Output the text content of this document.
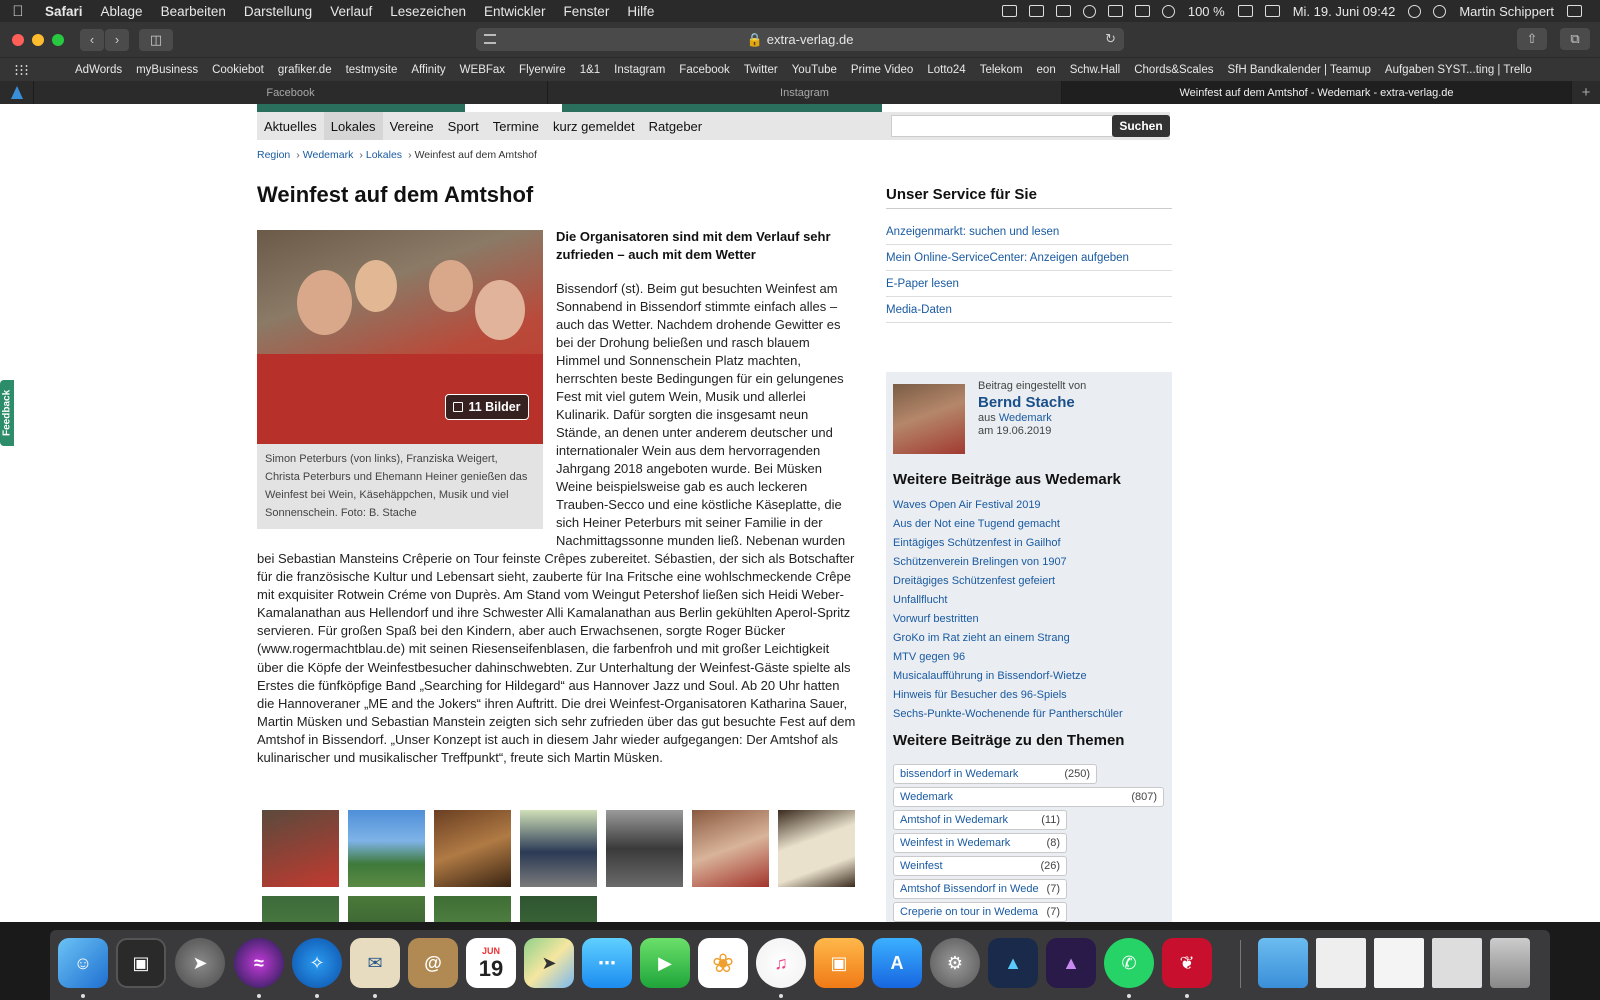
Safari	Ablage	Bearbeiten	Darstellung	Verlauf	Lesezeichen	Entwickler	Fenster	Hilfe	100 %	Mi. 19. Juni 09:42	Martin Schippert
‹	›	◫	🔒 extra-verlag.de	↻	⇧	⧉
AdWords	myBusiness	Cookiebot	grafiker.de	testmysite	Affinity	WEBFax	Flyerwire	1&1	Instagram	Facebook	Twitter	YouTube	Prime Video	Lotto24	Telekom	eon	Schw.Hall	Chords&Scales	SfH Bandkalender | Teamup	Aufgaben SYST...ting | Trello
Facebook	Instagram	Weinfest auf dem Amtshof - Wedemark - extra-verlag.de	+
Aktuelles	Lokales	Vereine	Sport	Termine	kurz gemeldet	Ratgeber	Suchen
Region › Wedemark › Lokales › Weinfest auf dem Amtshof
Weinfest auf dem Amtshof
11 Bilder
Simon Peterburs (von links), Franziska Weigert, Christa Peterburs und Ehemann Heiner genießen das Weinfest bei Wein, Käsehäppchen, Musik und viel Sonnenschein. Foto: B. Stache
Die Organisatoren sind mit dem Verlauf sehr zufrieden – auch mit dem Wetter
Bissendorf (st). Beim gut besuchten Weinfest am Sonnabend in Bissendorf stimmte einfach alles – auch das Wetter. Nachdem drohende Gewitter es bei der Drohung beließen und rasch blauem Himmel und Sonnenschein Platz machten, herrschten beste Bedingungen für ein gelungenes Fest mit viel gutem Wein, Musik und allerlei Kulinarik. Dafür sorgten die insgesamt neun Stände, an denen unter anderem deutscher und internationaler Wein aus dem hervorragenden Jahrgang 2018 angeboten wurde. Bei Müsken Weine beispielsweise gab es auch leckeren Trauben-Secco und eine köstliche Käseplatte, die sich Heiner Peterburs mit seiner Familie in der Nachmittagssonne munden ließ. Nebenan wurden
bei Sebastian Mansteins Crêperie on Tour feinste Crêpes zubereitet. Sébastien, der sich als Botschafter für die französische Kultur und Lebensart sieht, zauberte für Ina Fritsche eine wohlschmeckende Crêpe mit exquisiter Rotwein Créme von Duprès. Am Stand vom Weingut Petershof ließen sich Heidi Weber-Kamalanathan aus Hellendorf und ihre Schwester Alli Kamalanathan aus Berlin gekühlten Aperol-Spritz servieren. Für großen Spaß bei den Kindern, aber auch Erwachsenen, sorgte Roger Bücker (www.rogermachtblau.de) mit seinen Riesenseifenblasen, die farbenfroh und mit großer Leichtigkeit über die Köpfe der Weinfestbesucher dahinschwebten. Zur Unterhaltung der Weinfest-Gäste spielte als Erstes die fünfköpfige Band „Searching for Hildegard“ aus Hannover Jazz und Soul. Ab 20 Uhr hatten die Hannoveraner „ME and the Jokers“ ihren Auftritt. Die drei Weinfest-Organisatoren Katharina Sauer, Martin Müsken und Sebastian Manstein zeigten sich sehr zufrieden über das gut besuchte Fest auf dem Amtshof in Bissendorf. „Unser Konzept ist auch in diesem Jahr wieder aufgegangen: Der Amtshof als kulinarischer und musikalischer Treffpunkt“, freute sich Martin Müsken.
Unser Service für Sie
Anzeigenmarkt: suchen und lesen
Mein Online-ServiceCenter: Anzeigen aufgeben
E-Paper lesen
Media-Daten
Beitrag eingestellt von
Bernd Stache
aus Wedemark
am 19.06.2019
Weitere Beiträge aus Wedemark
Waves Open Air Festival 2019
Aus der Not eine Tugend gemacht
Eintägiges Schützenfest in Gailhof
Schützenverein Brelingen von 1907
Dreitägiges Schützenfest gefeiert
Unfallflucht
Vorwurf bestritten
GroKo im Rat zieht an einem Strang
MTV gegen 96
Musicalaufführung in Bissendorf-Wietze
Hinweis für Besucher des 96-Spiels
Sechs-Punkte-Wochenende für Pantherschüler
Weitere Beiträge zu den Themen
bissendorf in Wedemark	(250)
Wedemark	(807)
Amtshof in Wedemark	(11)
Weinfest in Wedemark	(8)
Weinfest	(26)
Amtshof Bissendorf in Wede (7)
Creperie on tour in Wedema (7)
Feedback
☺	▣	➤	≈	✧	✉	@
JUN
19	➤	⋯	▶	❀	♫	▣	A	⚙	▲	▲	✆	❦
